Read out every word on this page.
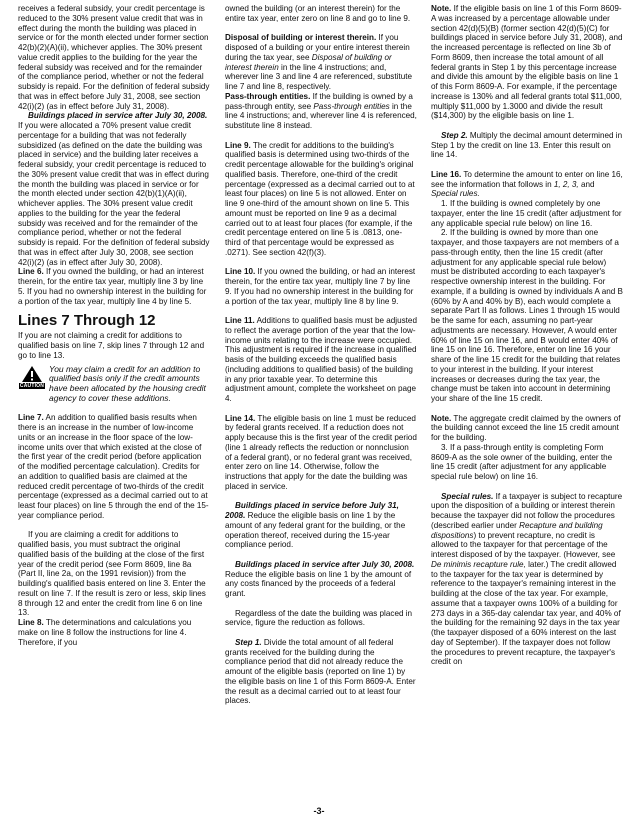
receives a federal subsidy, your credit percentage is reduced to the 30% present value credit that was in effect during the month the building was placed in service or for the month elected under former section 42(b)(2)(A)(ii), whichever applies. The 30% present value credit applies to the building for the year the federal subsidy was received and for the remainder of the compliance period, whether or not the federal subsidy is repaid. For the definition of federal subsidy that was in effect before July 31, 2008, see section 42(i)(2) (as in effect before July 31, 2008).

Buildings placed in service after July 30, 2008. If you were allocated a 70% present value credit percentage for a building that was not federally subsidized (as defined on the date the building was placed in service) and the building later receives a federal subsidy, your credit percentage is reduced to the 30% present value credit that was in effect during the month the building was placed in service or for the month elected under section 42(b)(1)(A)(ii), whichever applies. The 30% present value credit applies to the building for the year the federal subsidy was received and for the remainder of the compliance period, whether or not the federal subsidy is repaid. For the definition of federal subsidy that was in effect after July 30, 2008, see section 42(i)(2) (as in effect after July 30, 2008).

Line 6. If you owned the building, or had an interest therein, for the entire tax year, multiply line 3 by line 5. If you had no ownership interest in the building for a portion of the tax year, multiply line 4 by line 5.

Lines 7 Through 12

If you are not claiming a credit for additions to qualified basis on line 7, skip lines 7 through 12 and go to line 13.

CAUTION
You may claim a credit for an addition to qualified basis only if the credit amounts have been allocated by the housing credit agency to cover these additions.

Line 7. An addition to qualified basis results when there is an increase in the number of low-income units or an increase in the floor space of the low-income units over that which existed at the close of the first year of the credit period (before application of the modified percentage calculation). Credits for an addition to qualified basis are claimed at the reduced credit percentage of two-thirds of the credit percentage (expressed as a decimal carried out to at least four places) on line 5 through the end of the 15-year compliance period.

If you are claiming a credit for additions to qualified basis, you must subtract the original qualified basis of the building at the close of the first year of the credit period (see Form 8609, line 8a (Part II, line 2a, on the 1991 revision)) from the building's qualified basis entered on line 3. Enter the result on line 7. If the result is zero or less, skip lines 8 through 12 and enter the credit from line 6 on line 13.

Line 8. The determinations and calculations you make on line 8 follow the instructions for line 4. Therefore, if you

owned the building (or an interest therein) for the entire tax year, enter zero on line 8 and go to line 9.

Disposal of building or interest therein. If you disposed of a building or your entire interest therein during the tax year, see Disposal of building or interest therein in the line 4 instructions; and, wherever line 3 and line 4 are referenced, substitute line 7 and line 8, respectively.

Pass-through entities. If the building is owned by a pass-through entity, see Pass-through entities in the line 4 instructions; and, wherever line 4 is referenced, substitute line 8 instead.

Line 9. The credit for additions to the building's qualified basis is determined using two-thirds of the credit percentage allowable for the building's original qualified basis. Therefore, one-third of the credit percentage (expressed as a decimal carried out to at least four places) on line 5 is not allowed. Enter on line 9 one-third of the amount shown on line 5. This amount must be reported on line 9 as a decimal carried out to at least four places (for example, if the credit percentage entered on line 5 is .0813, one-third of that percentage would be expressed as .0271). See section 42(f)(3).

Line 10. If you owned the building, or had an interest therein, for the entire tax year, multiply line 7 by line 9. If you had no ownership interest in the building for a portion of the tax year, multiply line 8 by line 9.

Line 11. Additions to qualified basis must be adjusted to reflect the average portion of the year that the low-income units relating to the increase were occupied. This adjustment is required if the increase in qualified basis of the building exceeds the qualified basis (including additions to qualified basis) of the building in any prior taxable year. To determine this adjustment amount, complete the worksheet on page 4.

Line 14. The eligible basis on line 1 must be reduced by federal grants received. If a reduction does not apply because this is the first year of the credit period (line 1 already reflects the reduction or nonnclusion of a federal grant), or no federal grant was received, enter zero on line 14. Otherwise, follow the instructions that apply for the date the building was placed in service.

Buildings placed in service before July 31, 2008. Reduce the eligible basis on line 1 by the amount of any federal grant for the building, or the operation thereof, received during the 15-year compliance period.

Buildings placed in service after July 30, 2008. Reduce the eligible basis on line 1 by the amount of any costs financed by the proceeds of a federal grant.

Regardless of the date the building was placed in service, figure the reduction as follows.

Step 1. Divide the total amount of all federal grants received for the building during the compliance period that did not already reduce the amount of the eligible basis (reported on line 1) by the eligible basis on line 1 of this Form 8609-A. Enter the result as a decimal carried out to at least four places.

Note. If the eligible basis on line 1 of this Form 8609-A was increased by a percentage allowable under section 42(d)(5)(B) (former section 42(d)(5)(C) for buildings placed in service before July 31, 2008), and the increased percentage is reflected on line 3b of Form 8609, then increase the total amount of all federal grants in Step 1 by this percentage increase and divide this amount by the eligible basis on line 1 of this Form 8609-A. For example, if the percentage increase is 130% and all federal grants total $11,000, multiply $11,000 by 1.3000 and divide the result ($14,300) by the eligible basis on line 1.

Step 2. Multiply the decimal amount determined in Step 1 by the credit on line 13. Enter this result on line 14.

Line 16. To determine the amount to enter on line 16, see the information that follows in 1, 2, 3, and Special rules.

1. If the building is owned completely by one taxpayer, enter the line 15 credit (after adjustment for any applicable special rule below) on line 16.

2. If the building is owned by more than one taxpayer, and those taxpayers are not members of a pass-through entity, then the line 15 credit (after adjustment for any applicable special rule below) must be distributed according to each taxpayer's respective ownership interest in the building. For example, if a building is owned by individuals A and B (60% by A and 40% by B), each would complete a separate Part II as follows. Lines 1 through 15 would be the same for each, assuming no part-year adjustments are necessary. However, A would enter 60% of line 15 on line 16, and B would enter 40% of line 15 on line 16. Therefore, enter on line 16 your share of the line 15 credit for the building that relates to your interest in the building. If your interest increases or decreases during the tax year, the change must be taken into account in determining your share of the line 15 credit.

Note. The aggregate credit claimed by the owners of the building cannot exceed the line 15 credit amount for the building.

3. If a pass-through entity is completing Form 8609-A as the sole owner of the building, enter the line 15 credit (after adjustment for any applicable special rule below) on line 16.

Special rules. If a taxpayer is subject to recapture upon the disposition of a building or interest therein because the taxpayer did not follow the procedures (described earlier under Recapture and building dispositions) to prevent recapture, no credit is allowed to the taxpayer for that percentage of the interest disposed of by the taxpayer. (However, see De minimis recapture rule, later.) The credit allowed to the taxpayer for the tax year is determined by reference to the taxpayer's remaining interest in the building at the close of the tax year. For example, assume that a taxpayer owns 100% of a building for 273 days in a 365-day calendar tax year, and 40% of the building for the remaining 92 days in the tax year (the taxpayer disposed of a 60% interest on the last day of September). If the taxpayer does not follow the procedures to prevent recapture, the taxpayer's credit on

-3-
